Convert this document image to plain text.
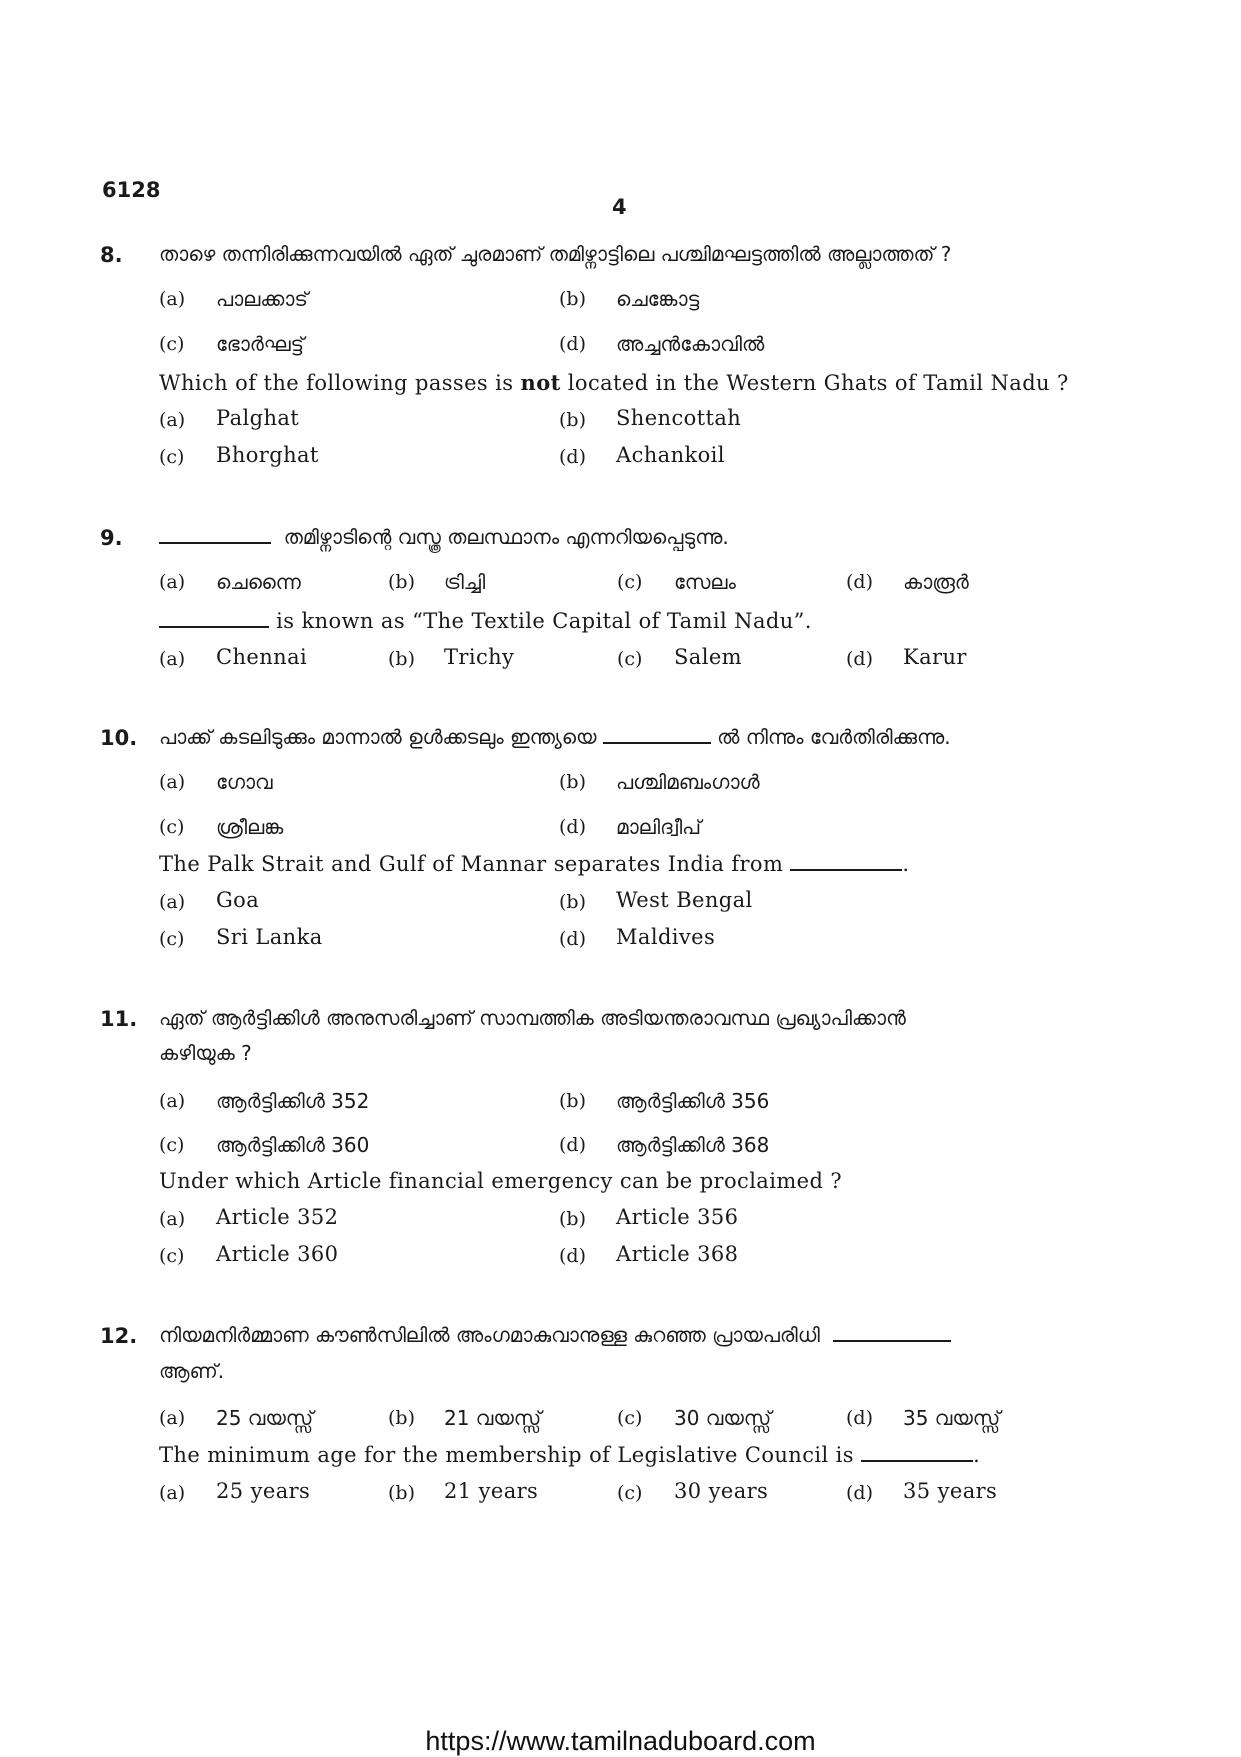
6128
4
8. താഴെ തന്നിരിക്കുന്നവയിൽ ഏത് ചുരമാണ് തമിഴ്നാട്ടിലെ പശ്ചിമഘട്ടത്തിൽ അല്ലാത്തത് ?
(a) പാലക്കാട്	(b) ചെങ്കോട്ട
(c) ഭോർഘട്ട്	(d) അച്ചൻകോവിൽ
Which of the following passes is not located in the Western Ghats of Tamil Nadu ?
(a) Palghat	(b) Shencottah
(c) Bhorghat	(d) Achankoil
9.	തമിഴ്നാടിന്റെ വസ്ത്ര തലസ്ഥാനം എന്നറിയപ്പെടുന്നു.
(a) ചെന്നൈ	(b) ട്രിച്ചി	(c) സേലം	(d) കാരൂർ
is known as “The Textile Capital of Tamil Nadu”.
(a) Chennai	(b) Trichy	(c) Salem	(d) Karur
10. പാക്ക് കടലിടുക്കും മാന്നാൽ ഉൾക്കടലും ഇന്ത്യയെ	ൽ നിന്നും വേർതിരിക്കുന്നു.
(a) ഗോവ	(b) പശ്ചിമബംഗാൾ
(c) ശ്രീലങ്ക	(d) മാലിദ്വീപ്
The Palk Strait and Gulf of Mannar separates India from	.
(a) Goa	(b) West Bengal
(c) Sri Lanka	(d) Maldives
11. ഏത് ആർട്ടിക്കിൾ അനുസരിച്ചാണ് സാമ്പത്തിക അടിയന്തരാവസ്ഥ പ്രഖ്യാപിക്കാൻ
കഴിയുക ?
(a) ആർട്ടിക്കിൾ 352	(b) ആർട്ടിക്കിൾ 356
(c) ആർട്ടിക്കിൾ 360	(d) ആർട്ടിക്കിൾ 368
Under which Article financial emergency can be proclaimed ?
(a) Article 352	(b) Article 356
(c) Article 360	(d) Article 368
12. നിയമനിർമ്മാണ കൗൺസിലിൽ അംഗമാകുവാനുള്ള കുറഞ്ഞ പ്രായപരിധി
ആണ്.
(a) 25 വയസ്സ്	(b) 21 വയസ്സ്	(c) 30 വയസ്സ്	(d) 35 വയസ്സ്
The minimum age for the membership of Legislative Council is	.
(a) 25 years	(b) 21 years	(c) 30 years	(d) 35 years
https://www.tamilnaduboard.com
